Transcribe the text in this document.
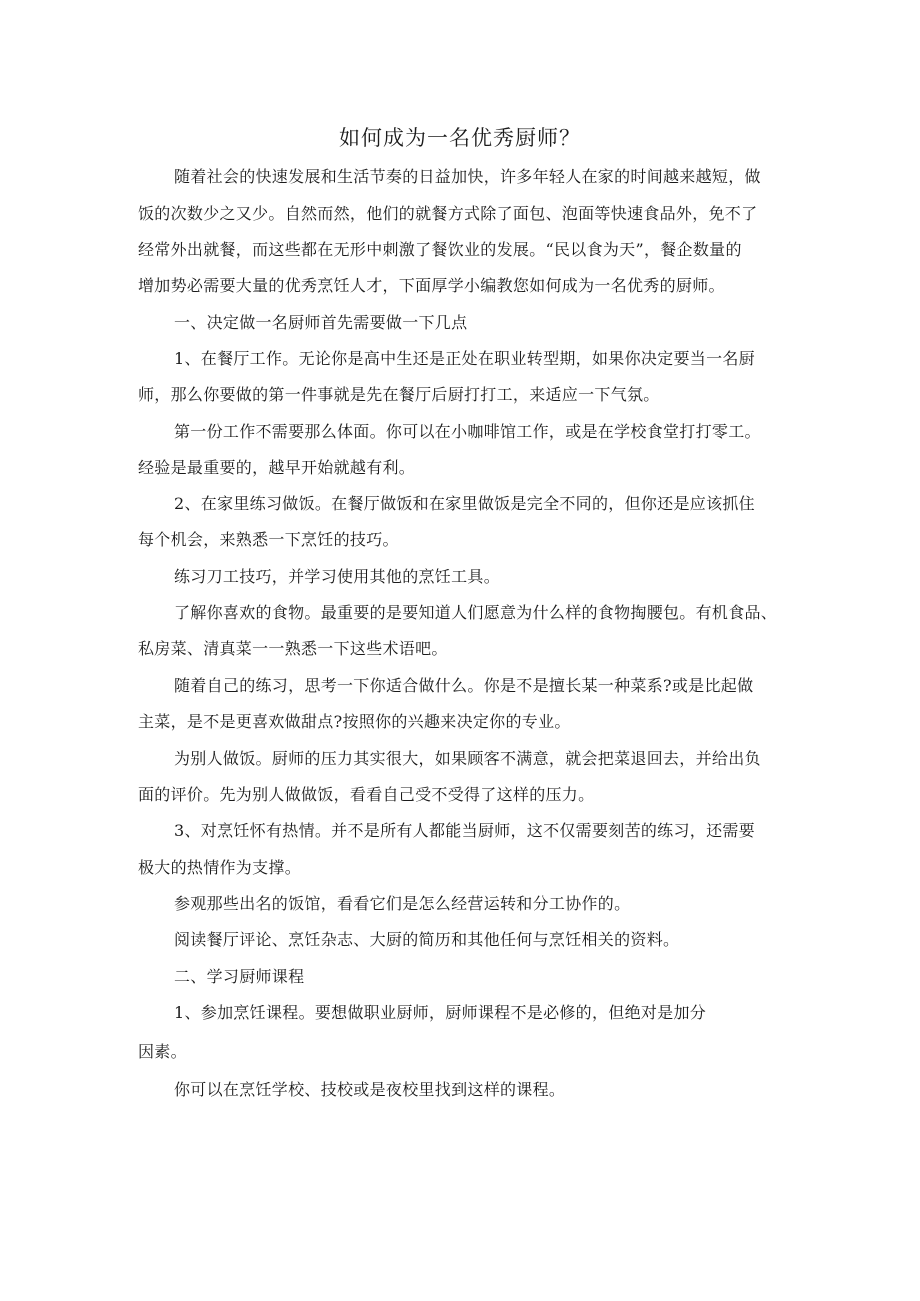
如何成为一名优秀厨师？
随着社会的快速发展和生活节奏的日益加快，许多年轻人在家的时间越来越短，做
饭的次数少之又少。自然而然，他们的就餐方式除了面包、泡面等快速食品外，免不了
经常外出就餐，而这些都在无形中刺激了餐饮业的发展。“民以食为天”，餐企数量的
增加势必需要大量的优秀烹饪人才，下面厚学小编教您如何成为一名优秀的厨师。
一、决定做一名厨师首先需要做一下几点
1、在餐厅工作。无论你是高中生还是正处在职业转型期，如果你决定要当一名厨
师，那么你要做的第一件事就是先在餐厅后厨打打工，来适应一下气氛。
第一份工作不需要那么体面。你可以在小咖啡馆工作，或是在学校食堂打打零工。
经验是最重要的，越早开始就越有利。
2、在家里练习做饭。在餐厅做饭和在家里做饭是完全不同的，但你还是应该抓住
每个机会，来熟悉一下烹饪的技巧。
练习刀工技巧，并学习使用其他的烹饪工具。
了解你喜欢的食物。最重要的是要知道人们愿意为什么样的食物掏腰包。有机食品、
私房菜、清真菜一一熟悉一下这些术语吧。
随着自己的练习，思考一下你适合做什么。你是不是擅长某一种菜系?或是比起做
主菜，是不是更喜欢做甜点?按照你的兴趣来决定你的专业。
为别人做饭。厨师的压力其实很大，如果顾客不满意，就会把菜退回去，并给出负
面的评价。先为别人做做饭，看看自己受不受得了这样的压力。
3、对烹饪怀有热情。并不是所有人都能当厨师，这不仅需要刻苦的练习，还需要
极大的热情作为支撑。
参观那些出名的饭馆，看看它们是怎么经营运转和分工协作的。
阅读餐厅评论、烹饪杂志、大厨的简历和其他任何与烹饪相关的资料。
二、学习厨师课程
1、参加烹饪课程。要想做职业厨师，厨师课程不是必修的，但绝对是加分
因素。
你可以在烹饪学校、技校或是夜校里找到这样的课程。
